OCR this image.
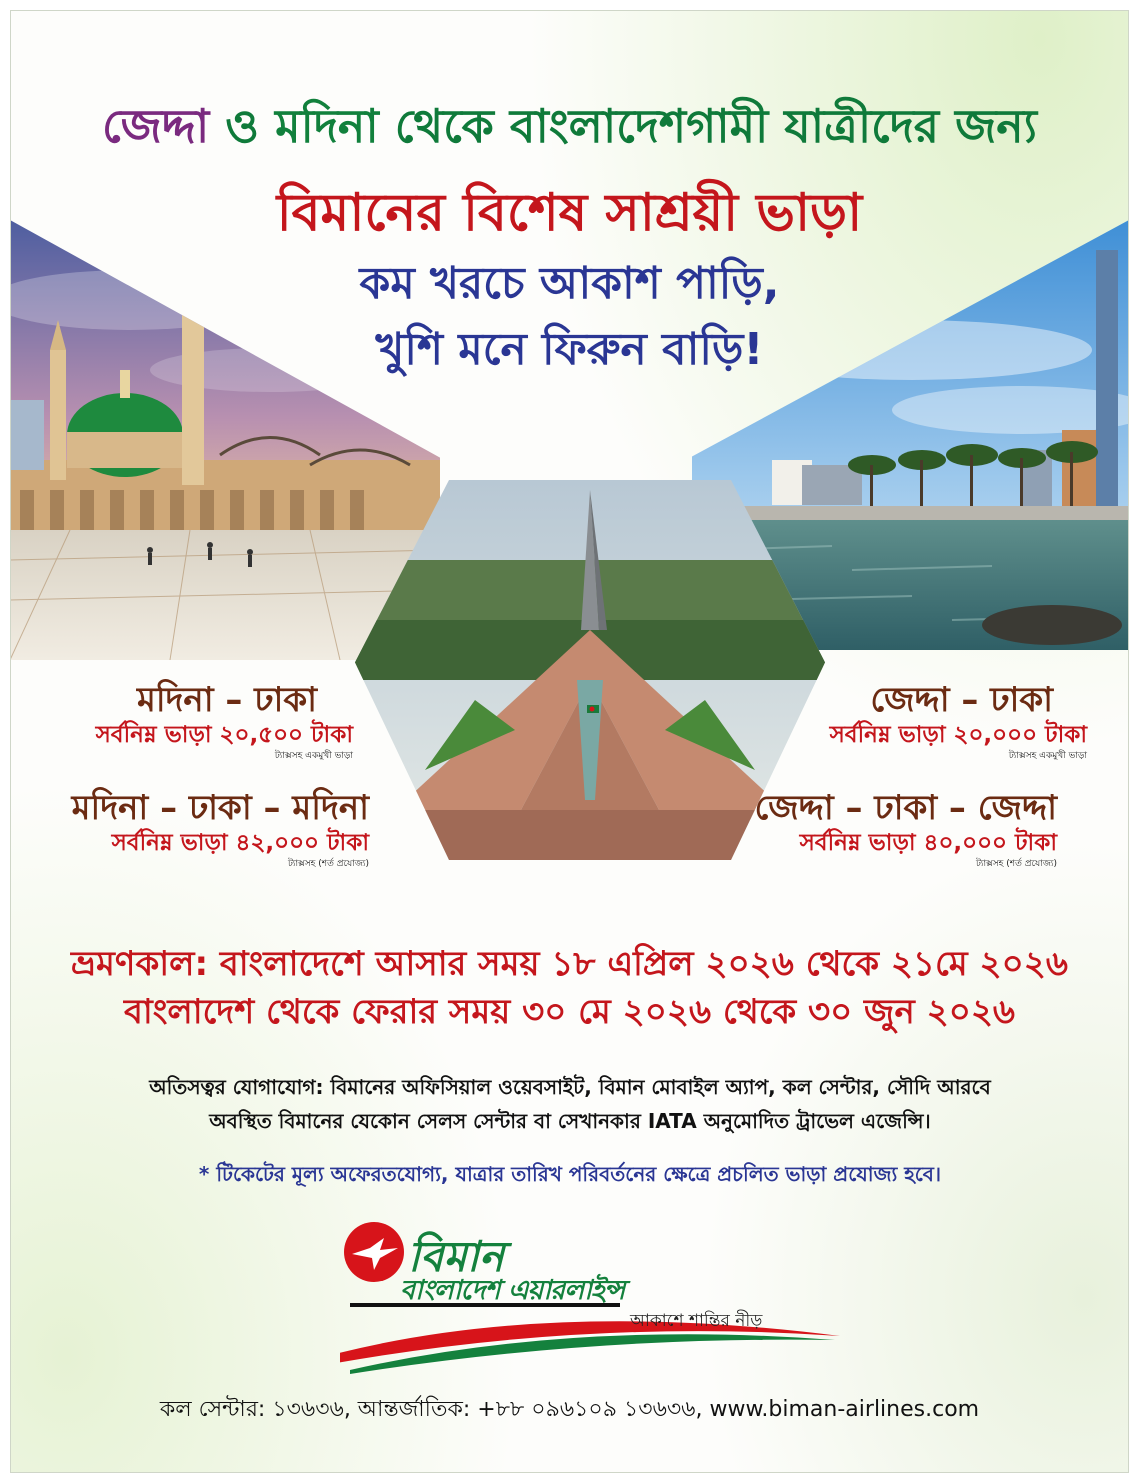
জেদ্দা ও মদিনা থেকে বাংলাদেশগামী যাত্রীদের জন্য
বিমানের বিশেষ সাশ্রয়ী ভাড়া
কম খরচে আকাশ পাড়ি,
খুশি মনে ফিরুন বাড়ি!
মদিনা – ঢাকা
সর্বনিম্ন ভাড়া ২০,৫০০ টাকা
ট্যাক্সসহ একমুখী ভাড়া
মদিনা – ঢাকা – মদিনা
সর্বনিম্ন ভাড়া ৪২,০০০ টাকা
ট্যাক্সসহ (শর্ত প্রযোজ্য)
জেদ্দা – ঢাকা
সর্বনিম্ন ভাড়া ২০,০০০ টাকা
ট্যাক্সসহ একমুখী ভাড়া
জেদ্দা – ঢাকা – জেদ্দা
সর্বনিম্ন ভাড়া ৪০,০০০ টাকা
ট্যাক্সসহ (শর্ত প্রযোজ্য)
ভ্রমণকাল: বাংলাদেশে আসার সময় ১৮ এপ্রিল ২০২৬ থেকে ২১মে ২০২৬
বাংলাদেশ থেকে ফেরার সময় ৩০ মে ২০২৬ থেকে ৩০ জুন ২০২৬
অতিসত্বর যোগাযোগ: বিমানের অফিসিয়াল ওয়েবসাইট, বিমান মোবাইল অ্যাপ, কল সেন্টার, সৌদি আরবে
অবস্থিত বিমানের যেকোন সেলস সেন্টার বা সেখানকার IATA অনুমোদিত ট্রাভেল এজেন্সি।
* টিকেটের মূল্য অফেরতযোগ্য, যাত্রার তারিখ পরিবর্তনের ক্ষেত্রে প্রচলিত ভাড়া প্রযোজ্য হবে।
বিমান
বাংলাদেশ এয়ারলাইন্স
আকাশে শান্তির নীড়
কল সেন্টার: ১৩৬৩৬, আন্তর্জাতিক: +৮৮ ০৯৬১০৯ ১৩৬৩৬, www.biman-airlines.com
